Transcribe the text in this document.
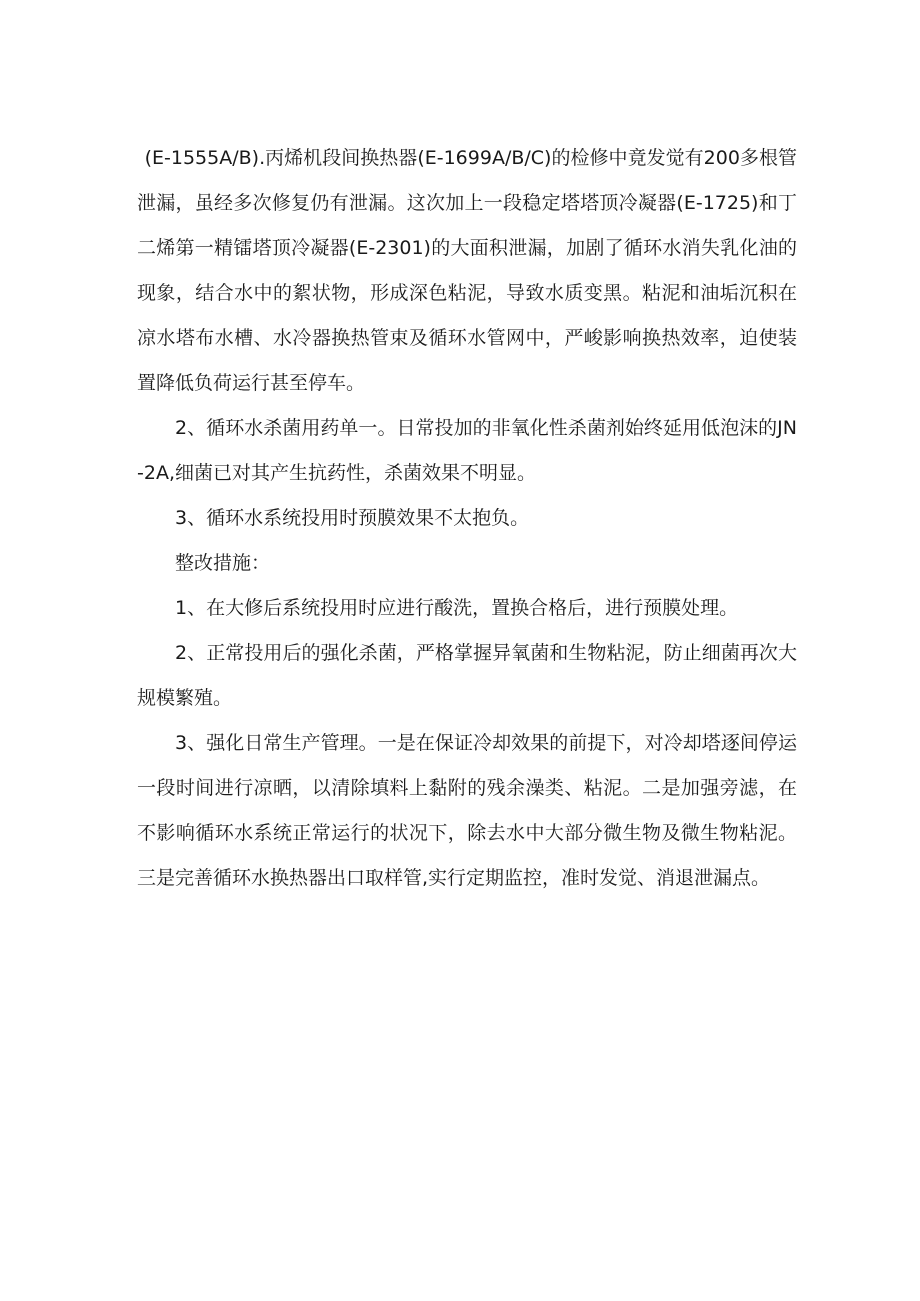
(E-1555A/B).丙烯机段间换热器(E-1699A/B/C)的检修中竟发觉有200多根管泄漏，虽经多次修复仍有泄漏。这次加上一段稳定塔塔顶冷凝器(E-1725)和丁二烯第一精镭塔顶冷凝器(E-2301)的大面积泄漏，加剧了循环水消失乳化油的现象，结合水中的絮状物，形成深色粘泥，导致水质变黑。粘泥和油垢沉积在凉水塔布水槽、水冷器换热管束及循环水管网中，严峻影响换热效率，迫使装置降低负荷运行甚至停车。

2、循环水杀菌用药单一。日常投加的非氧化性杀菌剂始终延用低泡沫的JN-2A,细菌已对其产生抗药性，杀菌效果不明显。

3、循环水系统投用时预膜效果不太抱负。

整改措施：

1、在大修后系统投用时应进行酸洗，置换合格后，进行预膜处理。

2、正常投用后的强化杀菌，严格掌握异氧菌和生物粘泥，防止细菌再次大规模繁殖。

3、强化日常生产管理。一是在保证冷却效果的前提下，对冷却塔逐间停运一段时间进行凉晒，以清除填料上黏附的残余澡类、粘泥。二是加强旁滤，在不影响循环水系统正常运行的状况下，除去水中大部分微生物及微生物粘泥。三是完善循环水换热器出口取样管,实行定期监控，准时发觉、消退泄漏点。
